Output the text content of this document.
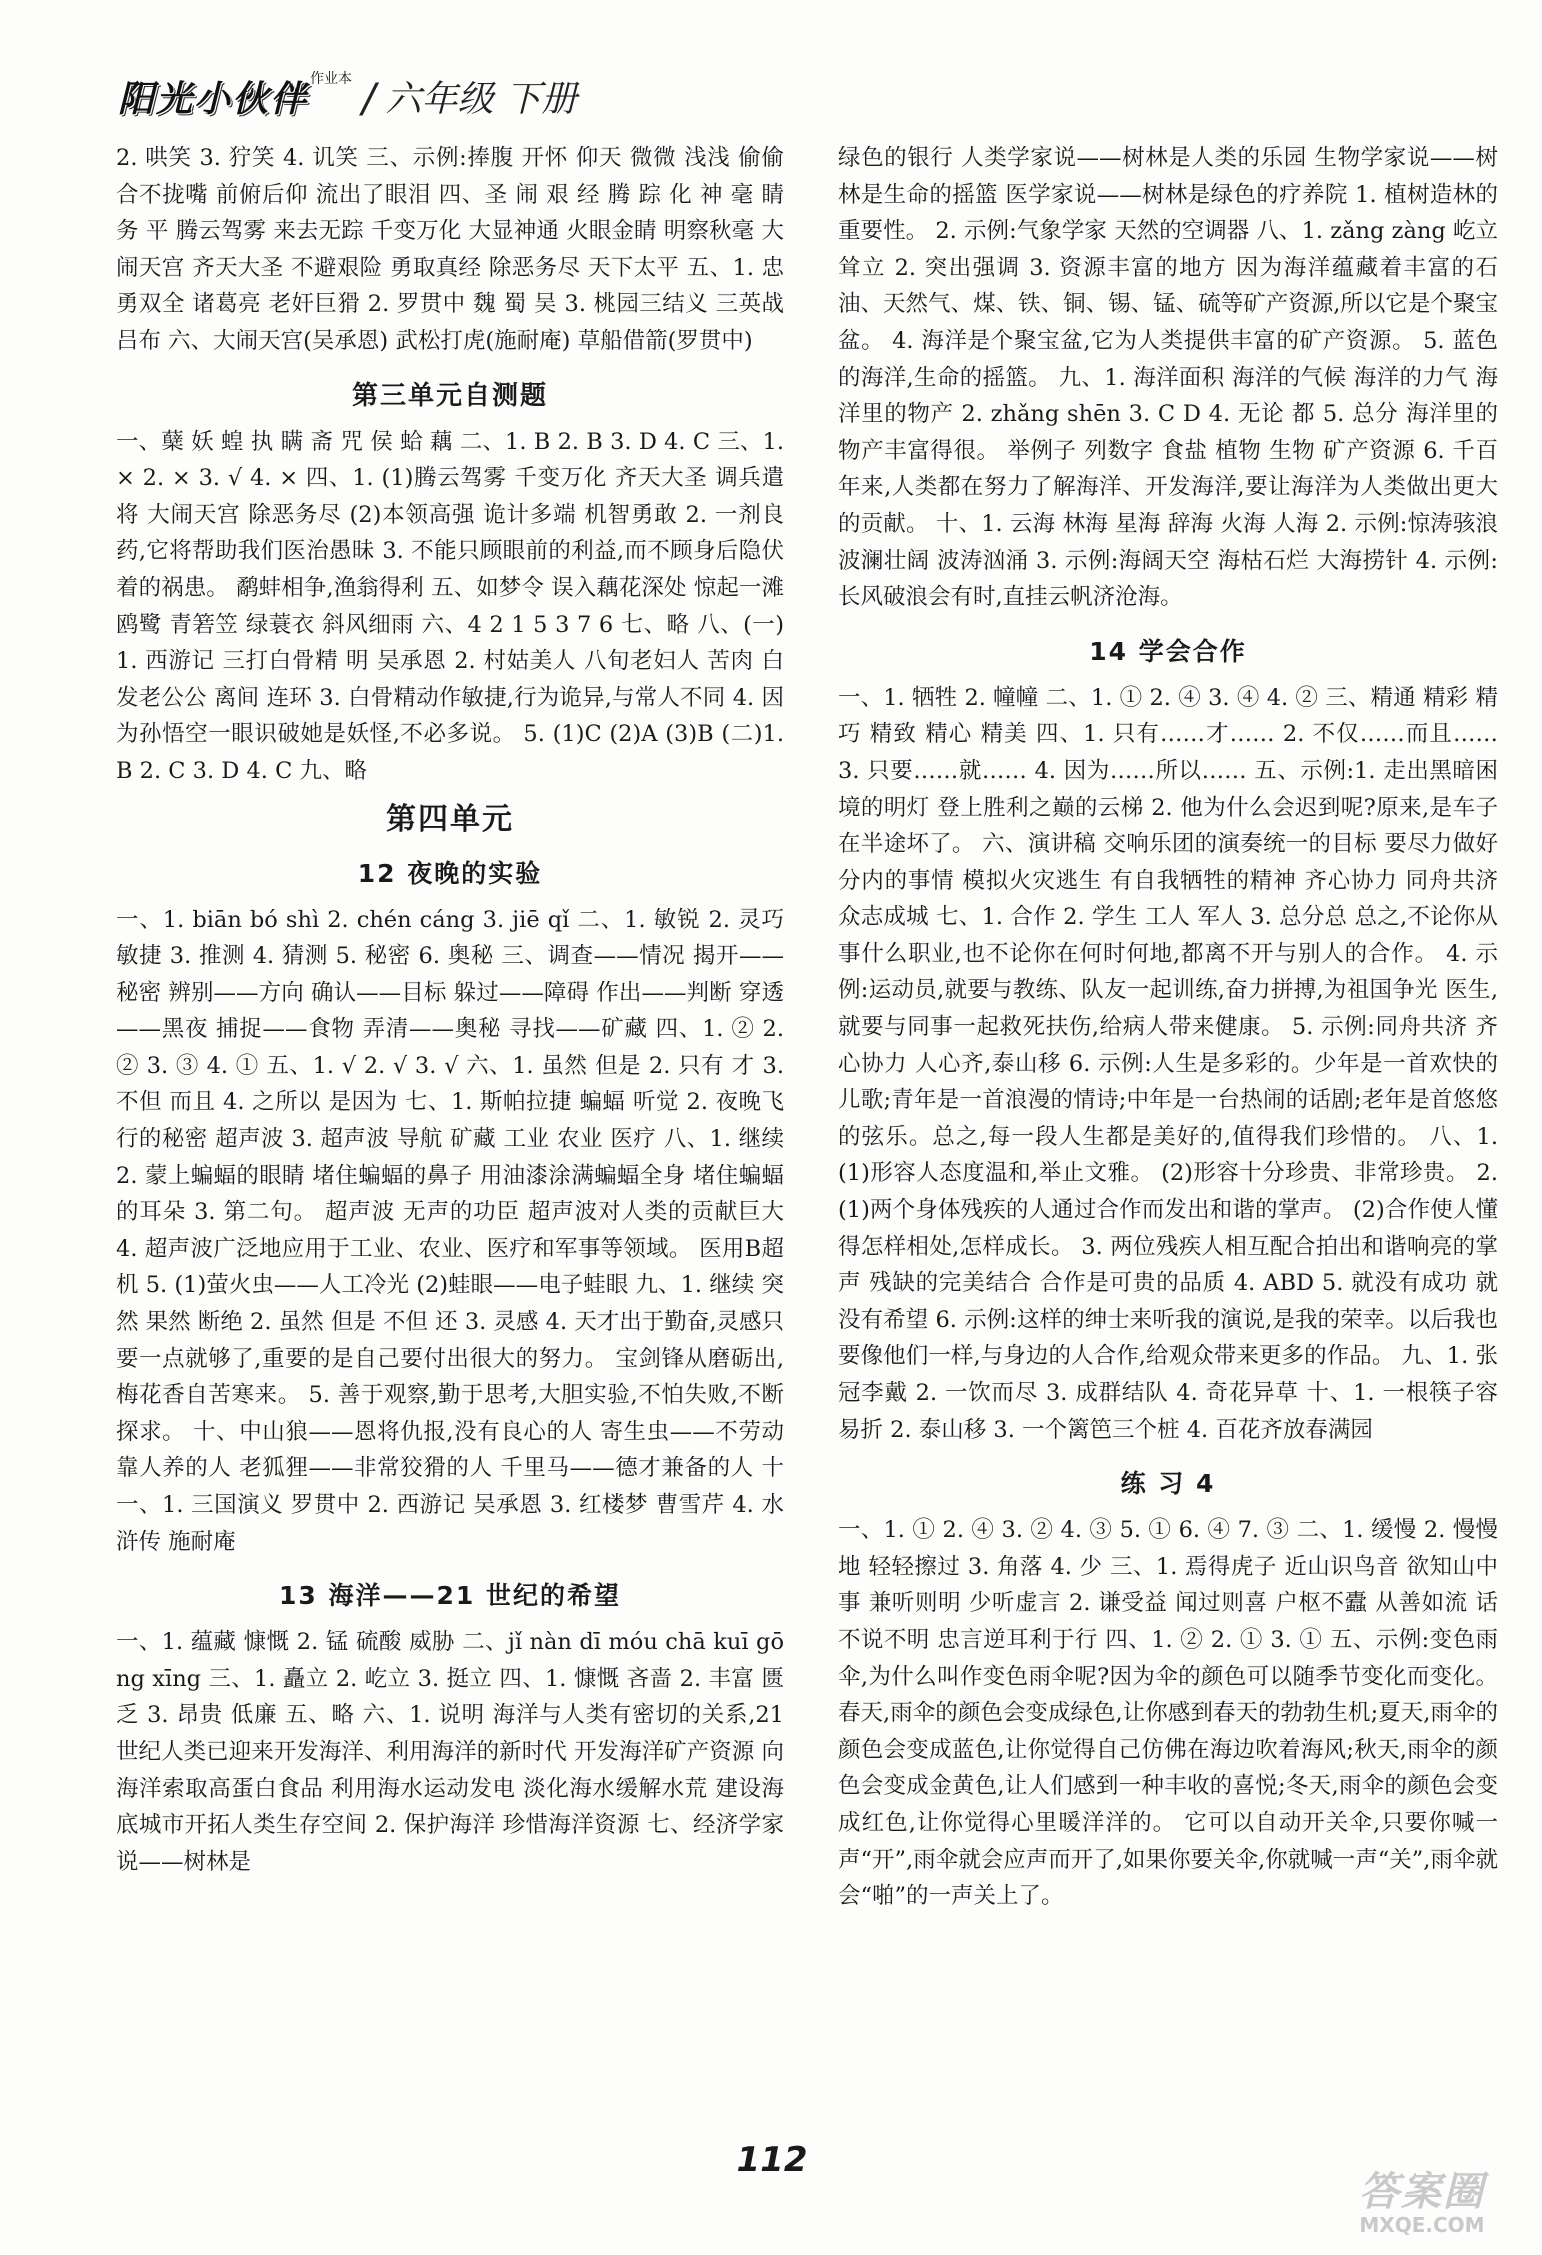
阳光小伙伴 作业本 / 六年级 下册

2. 哄笑 3. 狞笑 4. 讥笑 三、示例:捧腹 开怀 仰天 微微 浅浅 偷偷 合不拢嘴 前俯后仰 流出了眼泪 四、圣 闹 艰 经 腾 踪 化 神 毫 睛 务 平 腾云驾雾 来去无踪 千变万化 大显神通 火眼金睛 明察秋毫 大闹天宫 齐天大圣 不避艰险 勇取真经 除恶务尽 天下太平 五、1. 忠勇双全 诸葛亮 老奸巨猾 2. 罗贯中 魏 蜀 吴 3. 桃园三结义 三英战吕布 六、大闹天宫(吴承恩) 武松打虎(施耐庵) 草船借箭(罗贯中)

第三单元自测题

一、蘖 妖 蝗 执 瞒 斋 咒 侯 蛤 藕 二、1. B 2. B 3. D 4. C 三、1. × 2. × 3. √ 4. × 四、1. (1)腾云驾雾 千变万化 齐天大圣 调兵遣将 大闹天宫 除恶务尽 (2)本领高强 诡计多端 机智勇敢 2. 一剂良药,它将帮助我们医治愚昧 3. 不能只顾眼前的利益,而不顾身后隐伏着的祸患。 鹬蚌相争,渔翁得利 五、如梦令 误入藕花深处 惊起一滩鸥鹭 青箬笠 绿蓑衣 斜风细雨 六、4 2 1 5 3 7 6 七、略 八、(一)1. 西游记 三打白骨精 明 吴承恩 2. 村姑美人 八旬老妇人 苦肉 白发老公公 离间 连环 3. 白骨精动作敏捷,行为诡异,与常人不同 4. 因为孙悟空一眼识破她是妖怪,不必多说。 5. (1)C (2)A (3)B (二)1. B 2. C 3. D 4. C 九、略

第四单元
12 夜晚的实验

一、1. biān bó shì 2. chén cáng 3. jiē qǐ 二、1. 敏锐 2. 灵巧 敏捷 3. 推测 4. 猜测 5. 秘密 6. 奥秘 三、调查——情况 揭开——秘密 辨别——方向 确认——目标 躲过——障碍 作出——判断 穿透——黑夜 捕捉——食物 弄清——奥秘 寻找——矿藏 四、1. ② 2. ② 3. ③ 4. ① 五、1. √ 2. √ 3. √ 六、1. 虽然 但是 2. 只有 才 3. 不但 而且 4. 之所以 是因为 七、1. 斯帕拉捷 蝙蝠 听觉 2. 夜晚飞行的秘密 超声波 3. 超声波 导航 矿藏 工业 农业 医疗 八、1. 继续 2. 蒙上蝙蝠的眼睛 堵住蝙蝠的鼻子 用油漆涂满蝙蝠全身 堵住蝙蝠的耳朵 3. 第二句。 超声波 无声的功臣 超声波对人类的贡献巨大 4. 超声波广泛地应用于工业、农业、医疗和军事等领域。 医用B超机 5. (1)萤火虫——人工冷光 (2)蛙眼——电子蛙眼 九、1. 继续 突然 果然 断绝 2. 虽然 但是 不但 还 3. 灵感 4. 天才出于勤奋,灵感只要一点就够了,重要的是自己要付出很大的努力。 宝剑锋从磨砺出,梅花香自苦寒来。 5. 善于观察,勤于思考,大胆实验,不怕失败,不断探求。 十、中山狼——恩将仇报,没有良心的人 寄生虫——不劳动靠人养的人 老狐狸——非常狡猾的人 千里马——德才兼备的人 十一、1. 三国演义 罗贯中 2. 西游记 吴承恩 3. 红楼梦 曹雪芹 4. 水浒传 施耐庵

13 海洋——21 世纪的希望

一、1. 蕴藏 慷慨 2. 锰 硫酸 威胁 二、jǐ nàn dī móu chā kuī gōng xīng 三、1. 矗立 2. 屹立 3. 挺立 四、1. 慷慨 吝啬 2. 丰富 匮乏 3. 昂贵 低廉 五、略 六、1. 说明 海洋与人类有密切的关系,21 世纪人类已迎来开发海洋、利用海洋的新时代 开发海洋矿产资源 向海洋索取高蛋白食品 利用海水运动发电 淡化海水缓解水荒 建设海底城市开拓人类生存空间 2. 保护海洋 珍惜海洋资源 七、经济学家说——树林是

绿色的银行 人类学家说——树林是人类的乐园 生物学家说——树林是生命的摇篮 医学家说——树林是绿色的疗养院 1. 植树造林的重要性。 2. 示例:气象学家 天然的空调器 八、1. zǎng zàng 屹立 耸立 2. 突出强调 3. 资源丰富的地方 因为海洋蕴藏着丰富的石油、天然气、煤、铁、铜、锡、锰、硫等矿产资源,所以它是个聚宝盆。 4. 海洋是个聚宝盆,它为人类提供丰富的矿产资源。 5. 蓝色的海洋,生命的摇篮。 九、1. 海洋面积 海洋的气候 海洋的力气 海洋里的物产 2. zhǎng shēn 3. C D 4. 无论 都 5. 总分 海洋里的物产丰富得很。 举例子 列数字 食盐 植物 生物 矿产资源 6. 千百年来,人类都在努力了解海洋、开发海洋,要让海洋为人类做出更大的贡献。 十、1. 云海 林海 星海 辞海 火海 人海 2. 示例:惊涛骇浪 波澜壮阔 波涛汹涌 3. 示例:海阔天空 海枯石烂 大海捞针 4. 示例:长风破浪会有时,直挂云帆济沧海。

14 学会合作

一、1. 牺牲 2. 幢幢 二、1. ① 2. ④ 3. ④ 4. ② 三、精通 精彩 精巧 精致 精心 精美 四、1. 只有……才…… 2. 不仅……而且…… 3. 只要……就…… 4. 因为……所以…… 五、示例:1. 走出黑暗困境的明灯 登上胜利之巅的云梯 2. 他为什么会迟到呢?原来,是车子在半途坏了。 六、演讲稿 交响乐团的演奏统一的目标 要尽力做好分内的事情 模拟火灾逃生 有自我牺牲的精神 齐心协力 同舟共济 众志成城 七、1. 合作 2. 学生 工人 军人 3. 总分总 总之,不论你从事什么职业,也不论你在何时何地,都离不开与别人的合作。 4. 示例:运动员,就要与教练、队友一起训练,奋力拼搏,为祖国争光 医生,就要与同事一起救死扶伤,给病人带来健康。 5. 示例:同舟共济 齐心协力 人心齐,泰山移 6. 示例:人生是多彩的。少年是一首欢快的儿歌;青年是一首浪漫的情诗;中年是一台热闹的话剧;老年是首悠悠的弦乐。总之,每一段人生都是美好的,值得我们珍惜的。 八、1. (1)形容人态度温和,举止文雅。 (2)形容十分珍贵、非常珍贵。 2. (1)两个身体残疾的人通过合作而发出和谐的掌声。 (2)合作使人懂得怎样相处,怎样成长。 3. 两位残疾人相互配合拍出和谐响亮的掌声 残缺的完美结合 合作是可贵的品质 4. ABD 5. 就没有成功 就没有希望 6. 示例:这样的绅士来听我的演说,是我的荣幸。以后我也要像他们一样,与身边的人合作,给观众带来更多的作品。 九、1. 张冠李戴 2. 一饮而尽 3. 成群结队 4. 奇花异草 十、1. 一根筷子容易折 2. 泰山移 3. 一个篱笆三个桩 4. 百花齐放春满园

练 习 4

一、1. ① 2. ④ 3. ② 4. ③ 5. ① 6. ④ 7. ③ 二、1. 缓慢 2. 慢慢地 轻轻擦过 3. 角落 4. 少 三、1. 焉得虎子 近山识鸟音 欲知山中事 兼听则明 少听虚言 2. 谦受益 闻过则喜 户枢不蠹 从善如流 话不说不明 忠言逆耳利于行 四、1. ② 2. ① 3. ① 五、示例:变色雨伞,为什么叫作变色雨伞呢?因为伞的颜色可以随季节变化而变化。春天,雨伞的颜色会变成绿色,让你感到春天的勃勃生机;夏天,雨伞的颜色会变成蓝色,让你觉得自己仿佛在海边吹着海风;秋天,雨伞的颜色会变成金黄色,让人们感到一种丰收的喜悦;冬天,雨伞的颜色会变成红色,让你觉得心里暖洋洋的。 它可以自动开关伞,只要你喊一声“开”,雨伞就会应声而开了,如果你要关伞,你就喊一声“关”,雨伞就会“啪”的一声关上了。

112
答案圈
MXQE.COM
